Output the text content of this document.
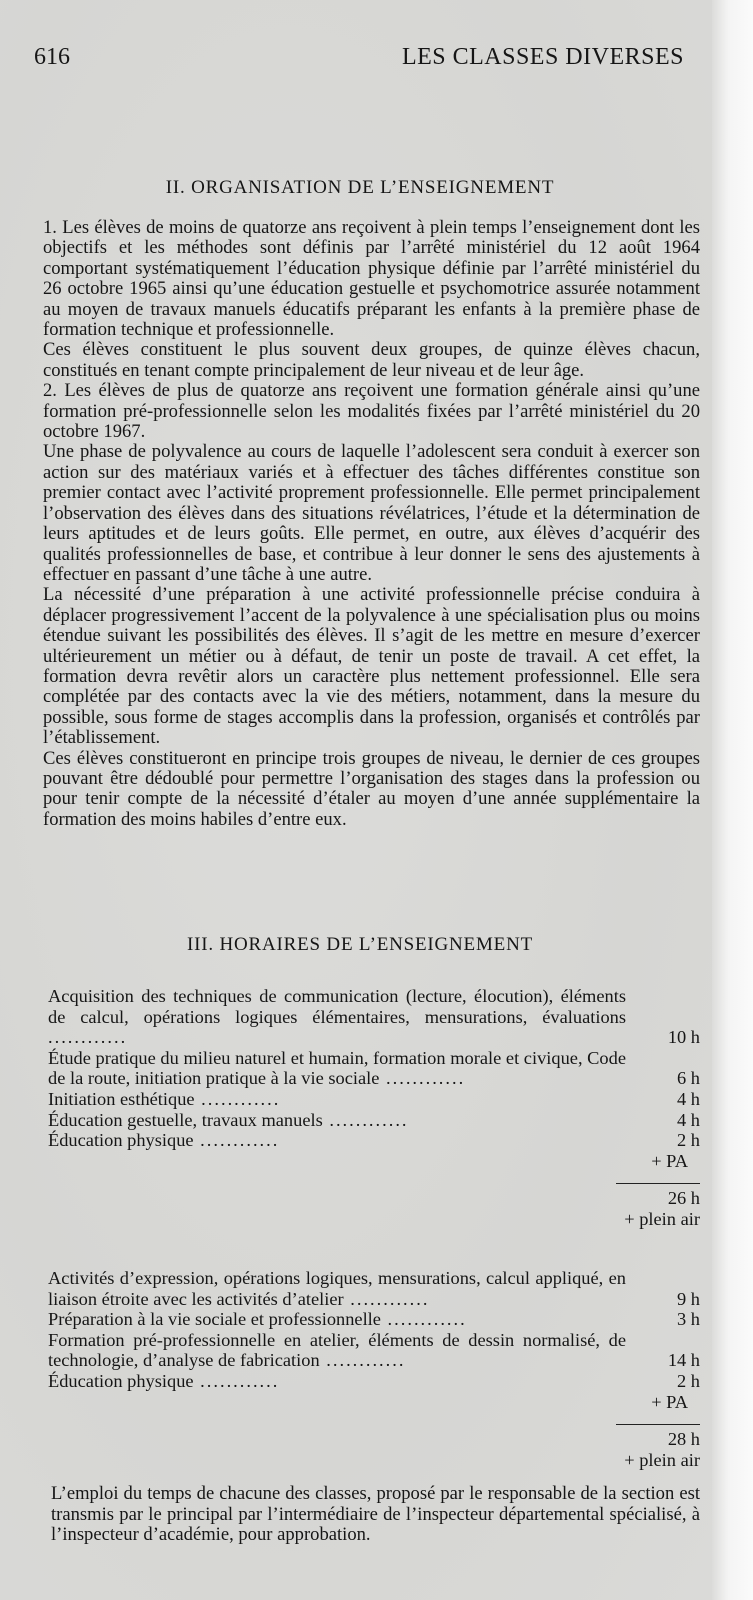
616	LES CLASSES DIVERSES
II. ORGANISATION DE L’ENSEIGNEMENT

1. Les élèves de moins de quatorze ans reçoivent à plein temps l’enseignement dont les objectifs et les méthodes sont définis par l’arrêté ministériel du 12 août 1964 comportant systématiquement l’éducation physique définie par l’arrêté ministériel du 26 octobre 1965 ainsi qu’une éducation gestuelle et psychomotrice assurée notamment au moyen de travaux manuels éducatifs préparant les enfants à la première phase de formation technique et professionnelle.

Ces élèves constituent le plus souvent deux groupes, de quinze élèves chacun, constitués en tenant compte principalement de leur niveau et de leur âge.

2. Les élèves de plus de quatorze ans reçoivent une formation générale ainsi qu’une formation pré-professionnelle selon les modalités fixées par l’arrêté ministériel du 20 octobre 1967.

Une phase de polyvalence au cours de laquelle l’adolescent sera conduit à exercer son action sur des matériaux variés et à effectuer des tâches différentes constitue son premier contact avec l’activité proprement professionnelle. Elle permet principalement l’observation des élèves dans des situations révélatrices, l’étude et la détermination de leurs aptitudes et de leurs goûts. Elle permet, en outre, aux élèves d’acquérir des qualités professionnelles de base, et contribue à leur donner le sens des ajustements à effectuer en passant d’une tâche à une autre.

La nécessité d’une préparation à une activité professionnelle précise conduira à déplacer progressivement l’accent de la polyvalence à une spécialisation plus ou moins étendue suivant les possibilités des élèves. Il s’agit de les mettre en mesure d’exercer ultérieurement un métier ou à défaut, de tenir un poste de travail. A cet effet, la formation devra revêtir alors un caractère plus nettement professionnel. Elle sera complétée par des contacts avec la vie des métiers, notamment, dans la mesure du possible, sous forme de stages accomplis dans la profession, organisés et contrôlés par l’établissement.

Ces élèves constitueront en principe trois groupes de niveau, le dernier de ces groupes pouvant être dédoublé pour permettre l’organisation des stages dans la profession ou pour tenir compte de la nécessité d’étaler au moyen d’une année supplémentaire la formation des moins habiles d’entre eux.

III. HORAIRES DE L’ENSEIGNEMENT
Acquisition des techniques de communication (lecture, élocution), éléments de calcul, opérations logiques élémentaires, mensurations, évaluations ............	10 h
Étude pratique du milieu naturel et humain, formation morale et civique, Code de la route, initiation pratique à la vie sociale ............	6 h
Initiation esthétique ............	4 h
Éducation gestuelle, travaux manuels ............	4 h
Éducation physique ............	2 h
+ PA
26 h
+ plein air
Activités d’expression, opérations logiques, mensurations, calcul appliqué, en liaison étroite avec les activités d’atelier ............	9 h
Préparation à la vie sociale et professionnelle ............	3 h
Formation pré-professionnelle en atelier, éléments de dessin normalisé, de technologie, d’analyse de fabrication ............	14 h
Éducation physique ............	2 h
+ PA
28 h
+ plein air
L’emploi du temps de chacune des classes, proposé par le responsable de la section est transmis par le principal par l’intermédiaire de l’inspecteur départemental spécialisé, à l’inspecteur d’académie, pour approbation.
